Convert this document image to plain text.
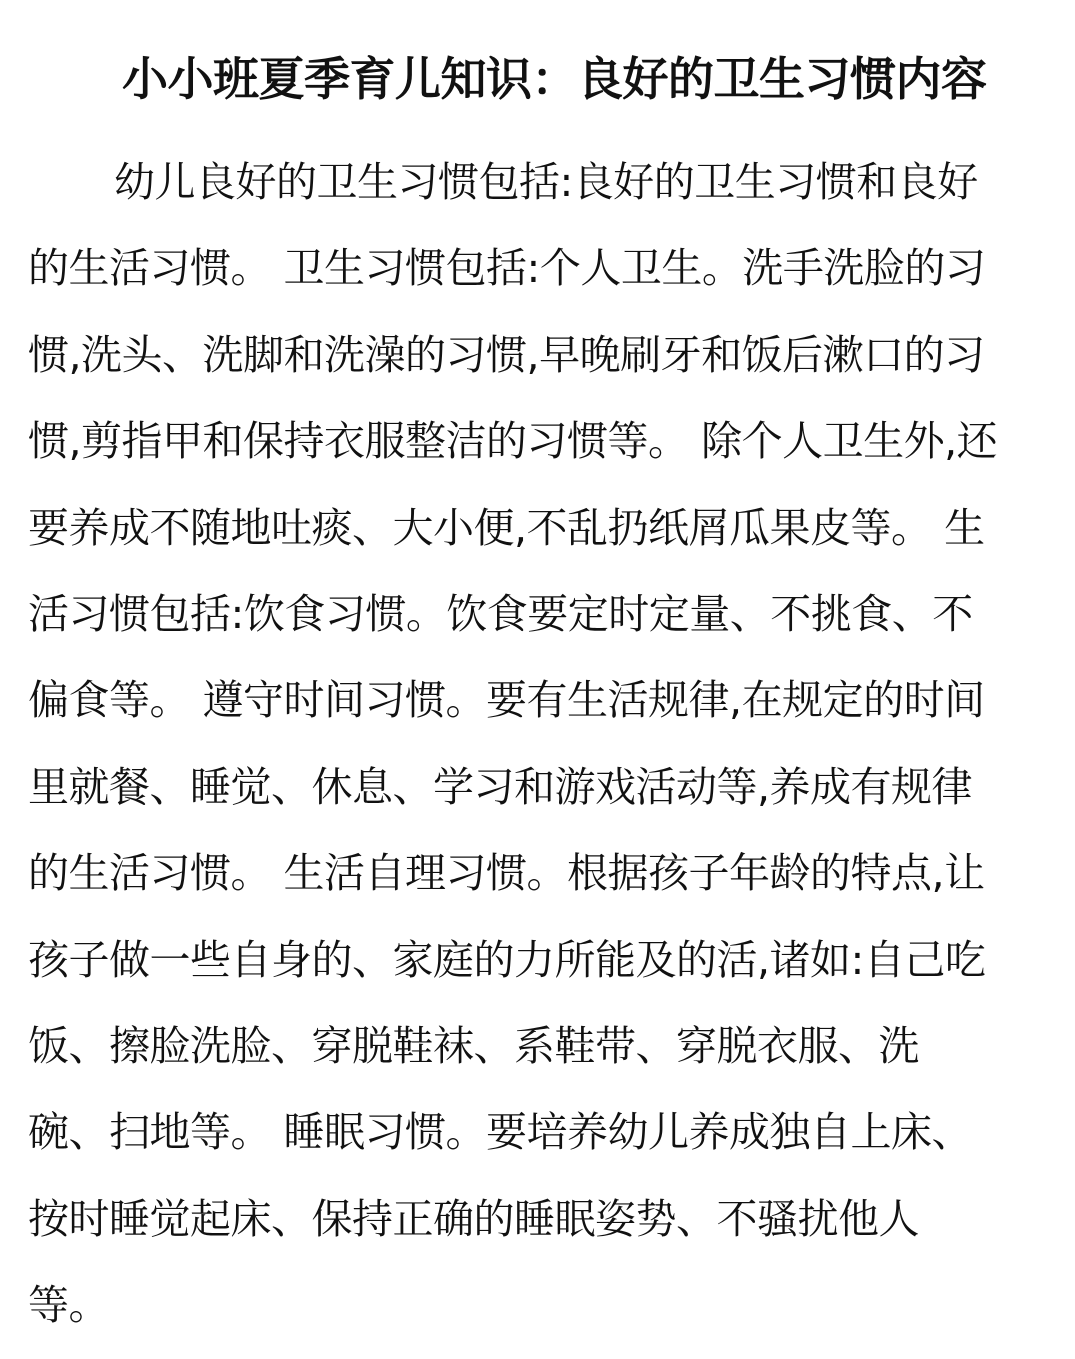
小小班夏季育儿知识：良好的卫生习惯内容
幼儿良好的卫生习惯包括:良好的卫生习惯和良好
的生活习惯。 卫生习惯包括:个人卫生。洗手洗脸的习
惯,洗头、洗脚和洗澡的习惯,早晚刷牙和饭后漱口的习
惯,剪指甲和保持衣服整洁的习惯等。 除个人卫生外,还
要养成不随地吐痰、大小便,不乱扔纸屑瓜果皮等。 生
活习惯包括:饮食习惯。饮食要定时定量、不挑食、不
偏食等。 遵守时间习惯。要有生活规律,在规定的时间
里就餐、睡觉、休息、学习和游戏活动等,养成有规律
的生活习惯。 生活自理习惯。根据孩子年龄的特点,让
孩子做一些自身的、家庭的力所能及的活,诸如:自己吃
饭、擦脸洗脸、穿脱鞋袜、系鞋带、穿脱衣服、洗
碗、扫地等。 睡眠习惯。要培养幼儿养成独自上床、
按时睡觉起床、保持正确的睡眠姿势、不骚扰他人
等。
